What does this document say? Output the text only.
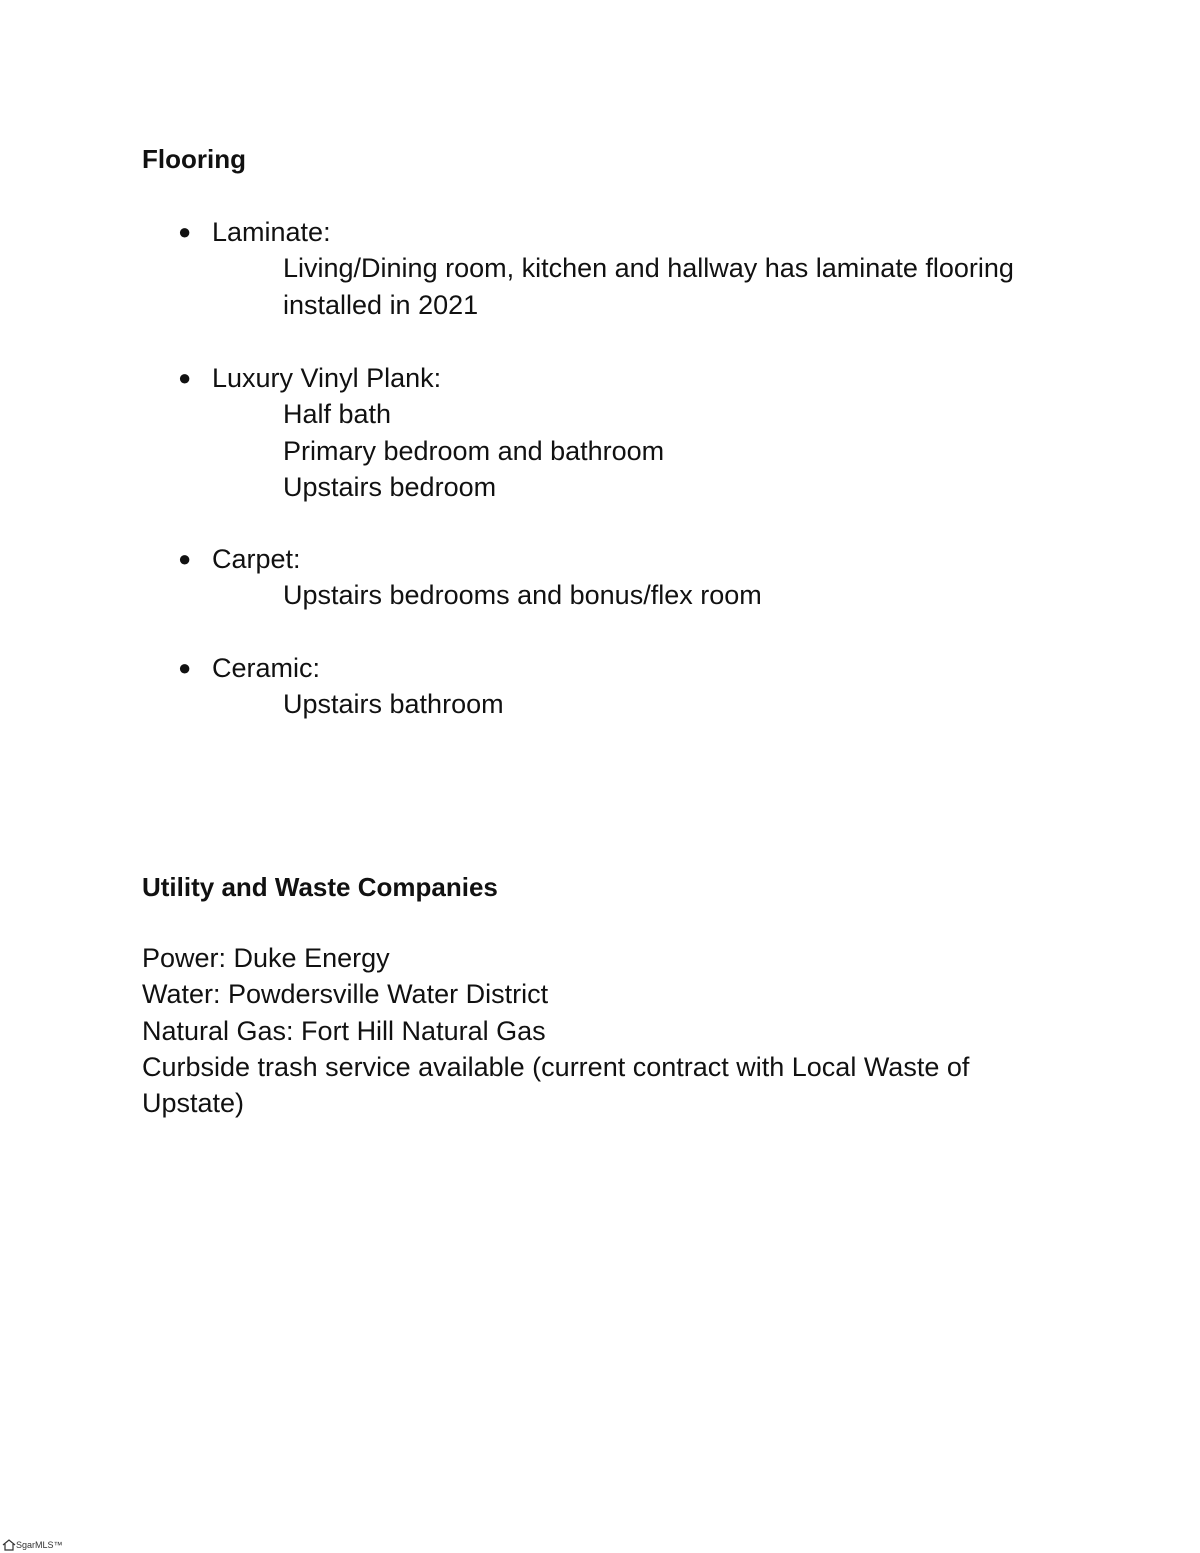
Flooring
● Laminate:
Living/Dining room, kitchen and hallway has laminate flooring installed in 2021
● Luxury Vinyl Plank:
Half bath
Primary bedroom and bathroom
Upstairs bedroom
● Carpet:
Upstairs bedrooms and bonus/flex room
● Ceramic:
Upstairs bathroom
Utility and Waste Companies
Power: Duke Energy
Water: Powdersville Water District
Natural Gas: Fort Hill Natural Gas
Curbside trash service available (current contract with Local Waste of Upstate)
SgarMLS™
